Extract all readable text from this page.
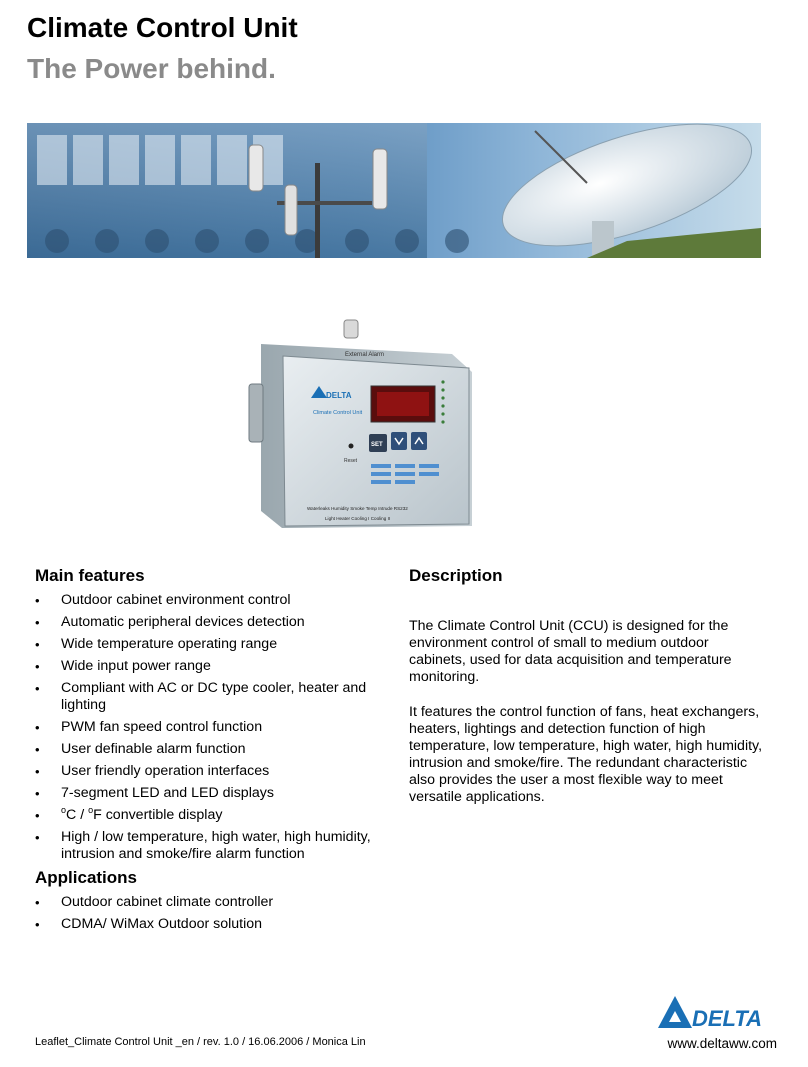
Climate Control Unit
The Power behind.
External Alarm
DELTA
Climate Control Unit
SET
Reset
Waterleaks Humidity Smoke Temp Intrude RS232
Light Heater Cooling I Cooling II
Main features
• Outdoor cabinet environment control
• Automatic peripheral devices detection
• Wide temperature operating range
• Wide input power range
• Compliant with AC or DC type cooler, heater and lighting
• PWM fan speed control function
• User definable alarm function
• User friendly operation interfaces
• 7-segment LED and LED displays
• $^o$C / $^o$F convertible display
• High / low temperature, high water, high humidity, intrusion and smoke/fire alarm function
Applications
• Outdoor cabinet climate controller
• CDMA/ WiMax Outdoor solution
Description

The Climate Control Unit (CCU) is designed for the environment control of small to medium outdoor cabinets, used for data acquisition and temperature monitoring.

It features the control function of fans, heat exchangers, heaters, lightings and detection function of high temperature, low temperature, high water, high humidity, intrusion and smoke/fire. The redundant characteristic also provides the user a most flexible way to meet versatile applications.

Leaflet_Climate Control Unit _en / rev. 1.0 / 16.06.2006 / Monica Lin
DELTA
www.deltaww.com
